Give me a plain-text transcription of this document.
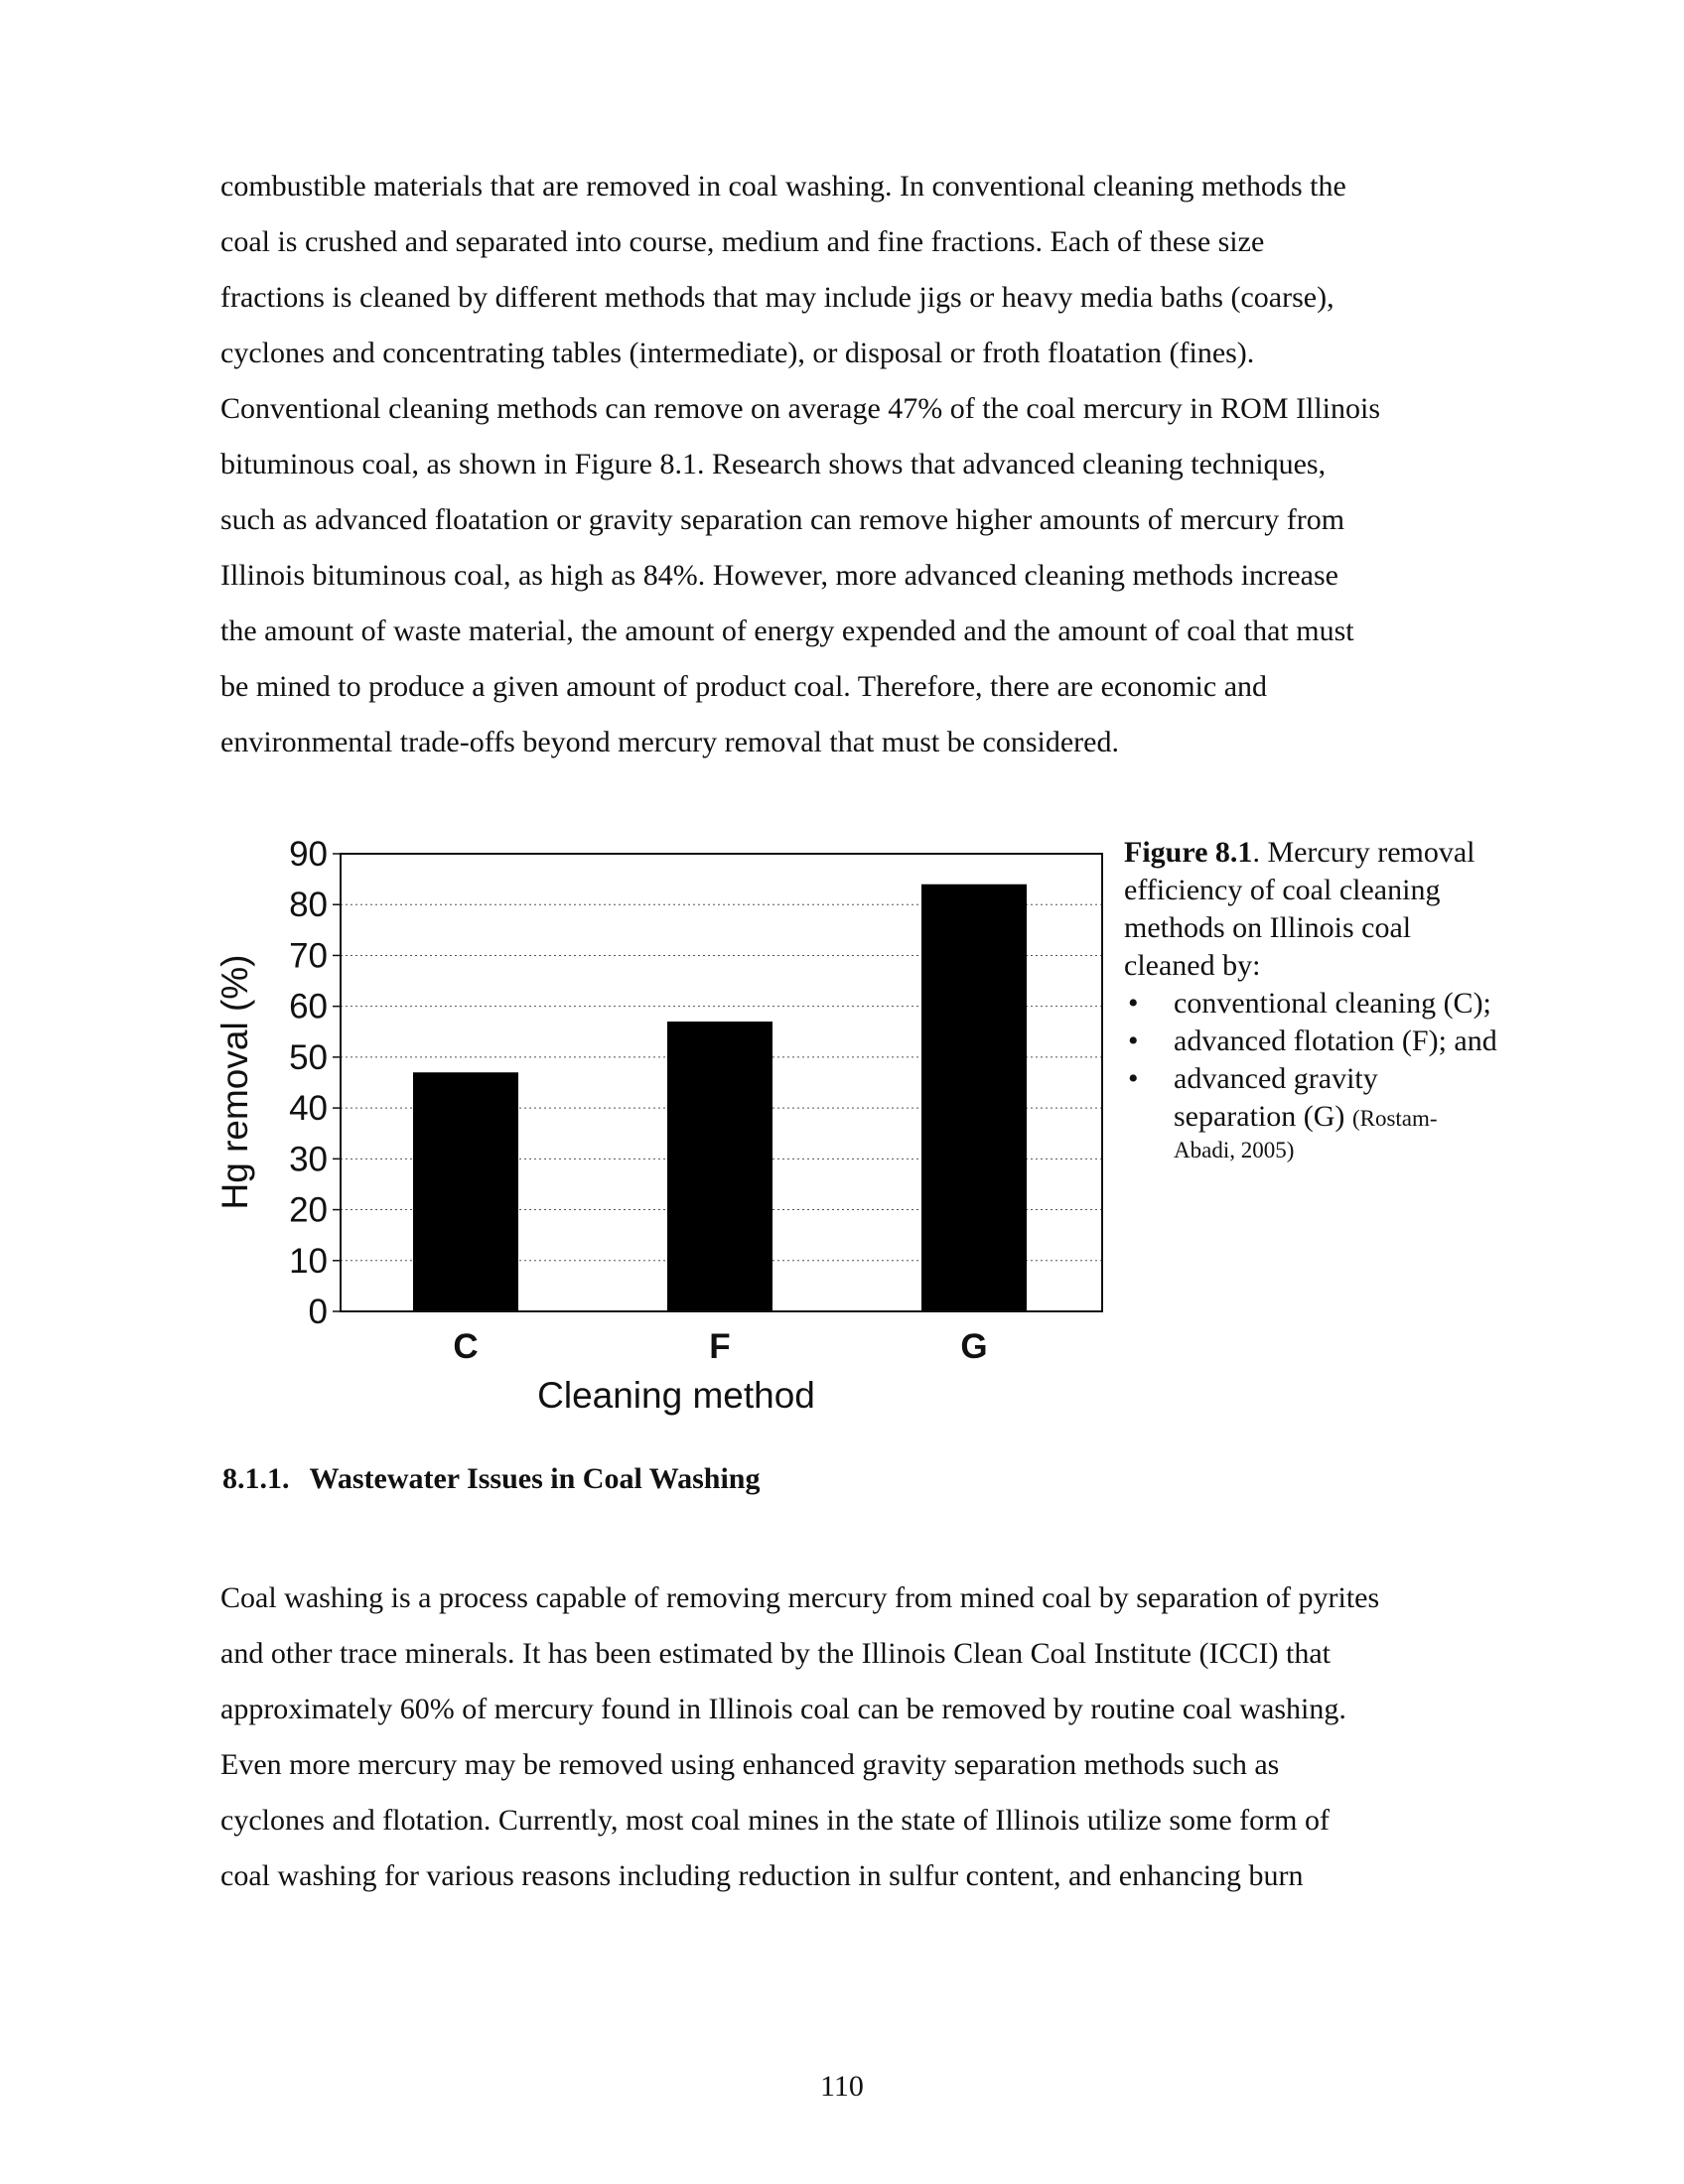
combustible materials that are removed in coal washing. In conventional cleaning methods the
coal is crushed and separated into course, medium and fine fractions. Each of these size
fractions is cleaned by different methods that may include jigs or heavy media baths (coarse),
cyclones and concentrating tables (intermediate), or disposal or froth floatation (fines).
Conventional cleaning methods can remove on average 47% of the coal mercury in ROM Illinois
bituminous coal, as shown in Figure 8.1. Research shows that advanced cleaning techniques,
such as advanced floatation or gravity separation can remove higher amounts of mercury from
Illinois bituminous coal, as high as 84%. However, more advanced cleaning methods increase
the amount of waste material, the amount of energy expended and the amount of coal that must
be mined to produce a given amount of product coal. Therefore, there are economic and
environmental trade-offs beyond mercury removal that must be considered.

0
10
20
30
40
50
60
70
80
90
C	F	G
Hg removal (%)
Cleaning method
Figure 8.1. Mercury removal efficiency of coal cleaning methods on Illinois coal cleaned by:
• conventional cleaning (C);
• advanced flotation (F); and
• advanced gravity separation (G) (Rostam-
Abadi, 2005)
8.1.1. Wastewater Issues in Coal Washing

Coal washing is a process capable of removing mercury from mined coal by separation of pyrites
and other trace minerals. It has been estimated by the Illinois Clean Coal Institute (ICCI) that
approximately 60% of mercury found in Illinois coal can be removed by routine coal washing.
Even more mercury may be removed using enhanced gravity separation methods such as
cyclones and flotation. Currently, most coal mines in the state of Illinois utilize some form of
coal washing for various reasons including reduction in sulfur content, and enhancing burn

110
